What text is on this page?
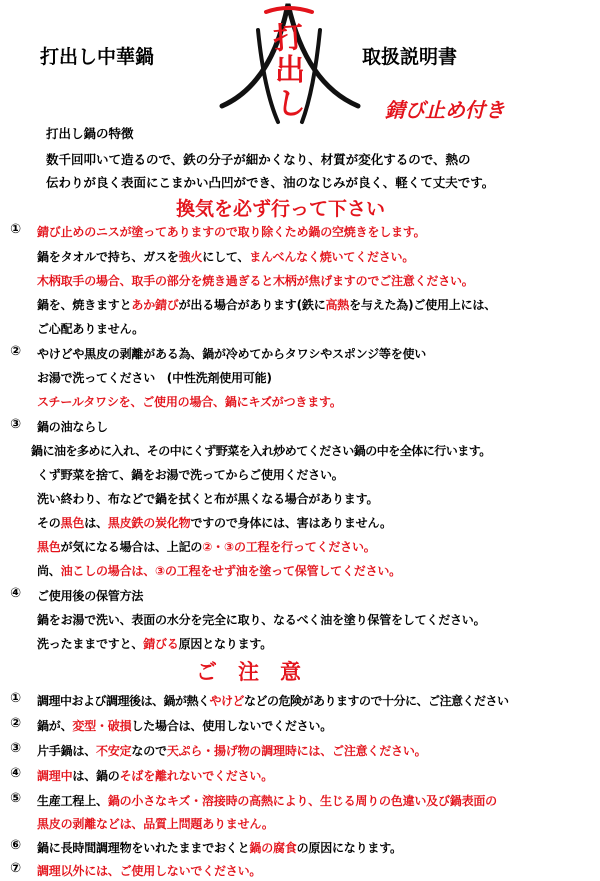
打出し中華鍋	取扱説明書
打
出
し	錆び止め付き
打出し鍋の特徴
数千回叩いて造るので、鉄の分子が細かくなり、材質が変化するので、熱の
伝わりが良く表面にこまかい凸凹ができ、油のなじみが良く、軽くて丈夫です。
換気を必ず行って下さい
① 錆び止めのニスが塗ってありますので取り除くため鍋の空焼きをします。
鍋をタオルで持ち、ガスを強火にして、まんべんなく焼いてください。
木柄取手の場合、取手の部分を焼き過ぎると木柄が焦げますのでご注意ください。
鍋を、焼きますとあか錆びが出る場合があります(鉄に高熱を与えた為)ご使用上には、
ご心配ありません。
② やけどや黒皮の剥離がある為、鍋が冷めてからタワシやスポンジ等を使い
お湯で洗ってください　(中性洗剤使用可能)
スチールタワシを、ご使用の場合、鍋にキズがつきます。
③ 鍋の油ならし
鍋に油を多めに入れ、その中にくず野菜を入れ炒めてください鍋の中を全体に行います。
くず野菜を捨て、鍋をお湯で洗ってからご使用ください。
洗い終わり、布などで鍋を拭くと布が黒くなる場合があります。
その黒色は、黒皮鉄の炭化物ですので身体には、害はありません。
黒色が気になる場合は、上記の②・③の工程を行ってください。
尚、油こしの場合は、③の工程をせず油を塗って保管してください。
④ ご使用後の保管方法
鍋をお湯で洗い、表面の水分を完全に取り、なるべく油を塗り保管をしてください。
洗ったままですと、錆びる原因となります。
ご　注　意
① 調理中および調理後は、鍋が熱くやけどなどの危険がありますので十分に、ご注意ください
② 鍋が、変型・破損した場合は、使用しないでください。
③ 片手鍋は、不安定なので天ぷら・揚げ物の調理時には、ご注意ください。
④ 調理中は、鍋のそばを離れないでください。
⑤ 生産工程上、鍋の小さなキズ・溶接時の高熱により、生じる周りの色違い及び鍋表面の
黒皮の剥離などは、品質上問題ありません。
⑥ 鍋に長時間調理物をいれたままでおくと鍋の腐食の原因になります。
⑦ 調理以外には、ご使用しないでください。
